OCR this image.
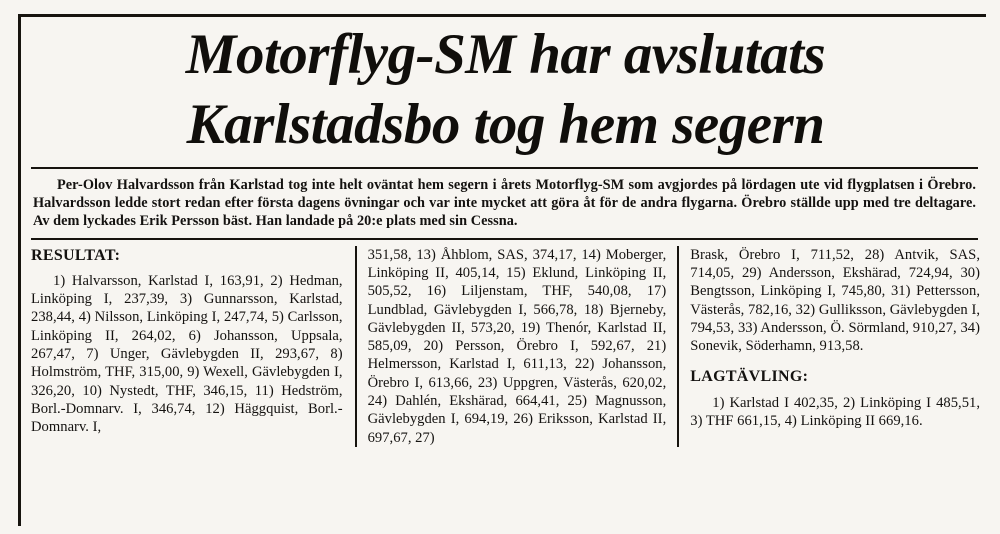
Motorflyg-SM har avslutats
Karlstadsbo tog hem segern
Per-Olov Halvardsson från Karlstad tog inte helt oväntat hem segern i årets Motorflyg-SM som avgjordes på lördagen ute vid flygplatsen i Örebro. Halvardsson ledde stort redan efter första dagens övningar och var inte mycket att göra åt för de andra flygarna. Örebro ställde upp med tre deltagare. Av dem lyckades Erik Persson bäst. Han landade på 20:e plats med sin Cessna.
RESULTAT:
1) Halvarsson, Karlstad I, 163,91, 2) Hedman, Linköping I, 237,39, 3) Gunnarsson, Karlstad, 238,44, 4) Nilsson, Linköping I, 247,74, 5) Carlsson, Linköping II, 264,02, 6) Johansson, Uppsala, 267,47, 7) Unger, Gävlebygden II, 293,67, 8) Holmström, THF, 315,00, 9) Wexell, Gävlebygden I, 326,20, 10) Nystedt, THF, 346,15, 11) Hedström, Borl.-Domnarv. I, 346,74, 12) Häggquist, Borl.-Domnarv. I,
351,58, 13) Åhblom, SAS, 374,17, 14) Moberger, Linköping II, 405,14, 15) Eklund, Linköping II, 505,52, 16) Liljenstam, THF, 540,08, 17) Lundblad, Gävlebygden I, 566,78, 18) Bjerneby, Gävlebygden II, 573,20, 19) Thenór, Karlstad II, 585,09, 20) Persson, Örebro I, 592,67, 21) Helmersson, Karlstad I, 611,13, 22) Johansson, Örebro I, 613,66, 23) Uppgren, Västerås, 620,02, 24) Dahlén, Ekshärad, 664,41, 25) Magnusson, Gävlebygden I, 694,19, 26) Eriksson, Karlstad II, 697,67, 27)
Brask, Örebro I, 711,52, 28) Antvik, SAS, 714,05, 29) Andersson, Ekshärad, 724,94, 30) Bengtsson, Linköping I, 745,80, 31) Pettersson, Västerås, 782,16, 32) Gulliksson, Gävlebygden I, 794,53, 33) Andersson, Ö. Sörmland, 910,27, 34) Sonevik, Söderhamn, 913,58.
LAGTÄVLING:
1) Karlstad I 402,35, 2) Linköping I 485,51, 3) THF 661,15, 4) Linköping II 669,16.
